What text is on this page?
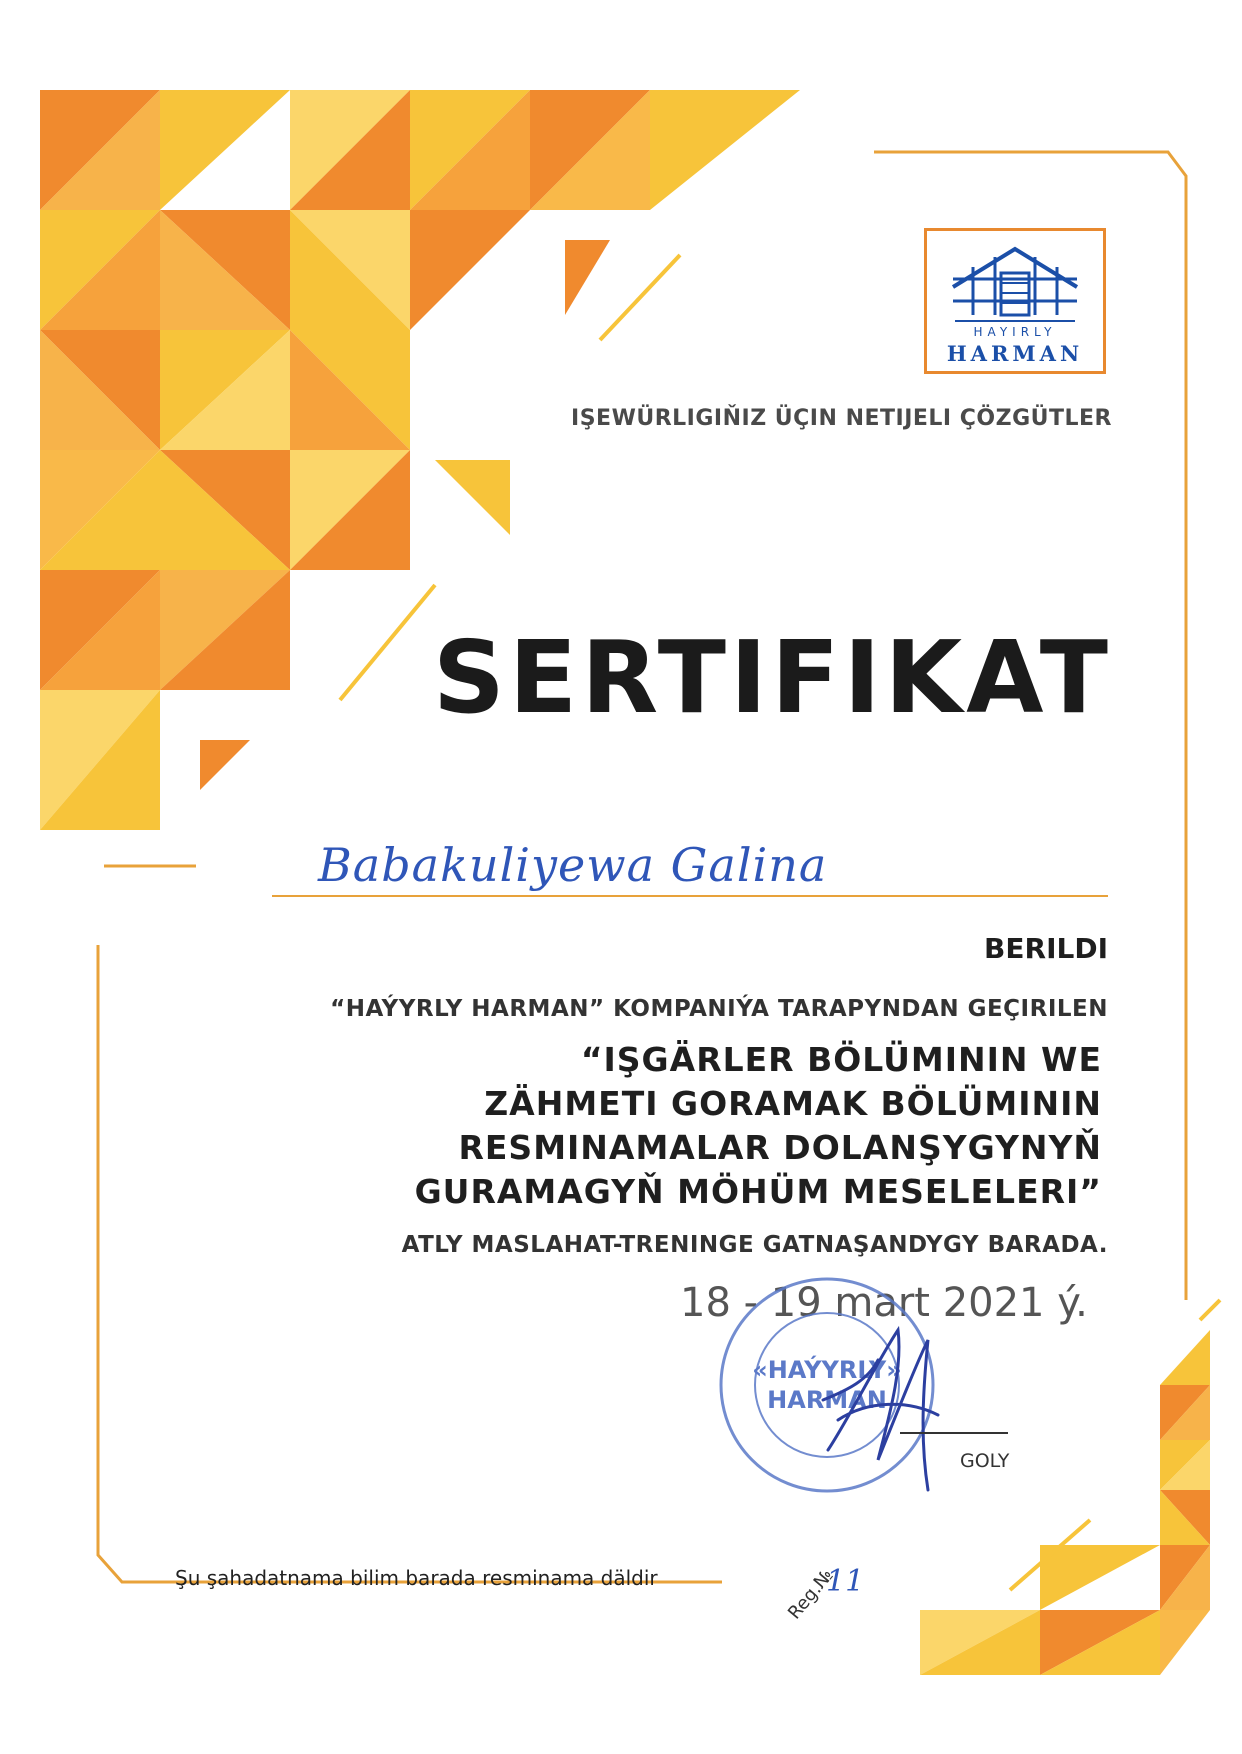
HAYIRLY
HARMAN
IŞEWÜRLIGIŇIZ ÜÇIN NETIJELI ÇÖZGÜTLER
SERTIFIKAT
Babakuliyewa Galina
BERILDI
“HAÝYRLY HARMAN” KOMPANIÝA TARAPYNDAN GEÇIRILEN
“IŞGÄRLER BÖLÜMININ WE
ZÄHMETI GORAMAK BÖLÜMININ
RESMINAMALAR DOLANŞYGYNYŇ
GURAMAGYŇ MÖHÜM MESELELERI”
ATLY MASLAHAT-TRENINGE GATNAŞANDYGY BARADA.
18 - 19 mart 2021 ý.
«HAÝYRLY»
HARMAN
GOLY
Şu şahadatnama bilim barada resminama däldir	Reg.№
11
